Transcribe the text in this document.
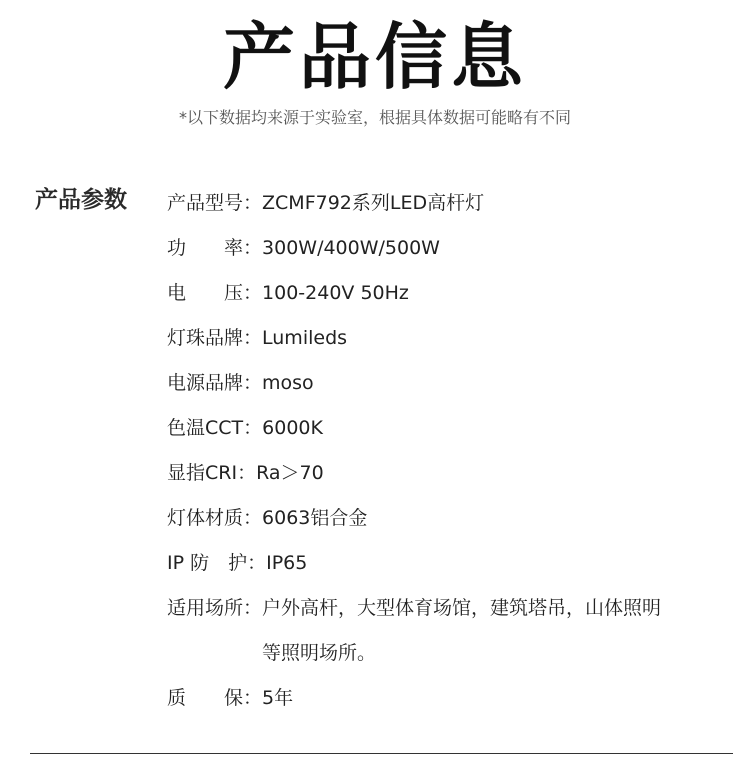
产品信息
*以下数据均来源于实验室，根据具体数据可能略有不同
产品参数 产品型号： ZCMF792系列LED高杆灯
功　　率： 300W/400W/500W
电　　压： 100-240V 50Hz
灯珠品牌： Lumileds
电源品牌： moso
色温CCT： 6000K
显指CRI： Ra＞70
灯体材质： 6063铝合金
IP 防　护： IP65
适用场所： 户外高杆，大型体育场馆，建筑塔吊，山体照明等照明场所。
质　　保： 5年
